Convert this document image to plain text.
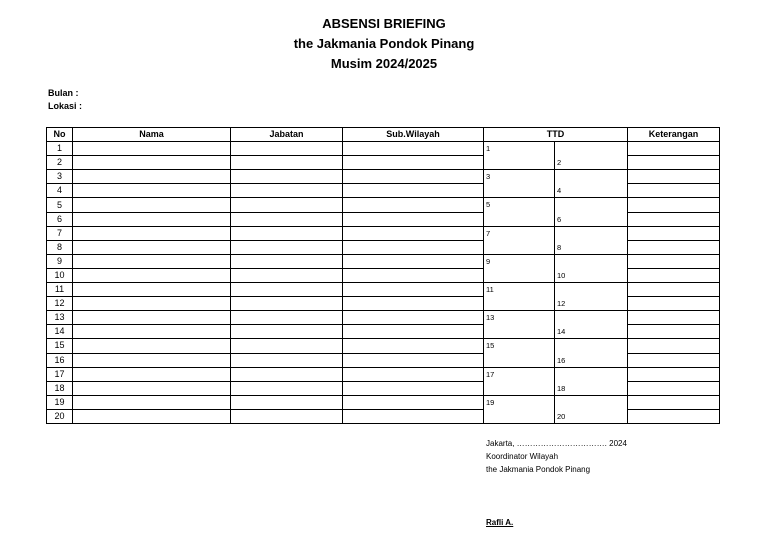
ABSENSI BRIEFING
the Jakmania Pondok Pinang
Musim 2024/2025
Bulan :
Lokasi :
No	Nama	Jabatan	Sub.Wilayah	TTD		Keterangan
1				1	2	
2						
3				3	4	
4						
5				5	6	
6						
7				7	8	
8						
9				9	10	
10						
11				11	12	
12						
13				13	14	
14						
15				15	16	
16						
17				17	18	
18						
19				19	20	
20						
Jakarta, ……………………………. 2024
Koordinator Wilayah
the Jakmania Pondok Pinang
Rafli A.
